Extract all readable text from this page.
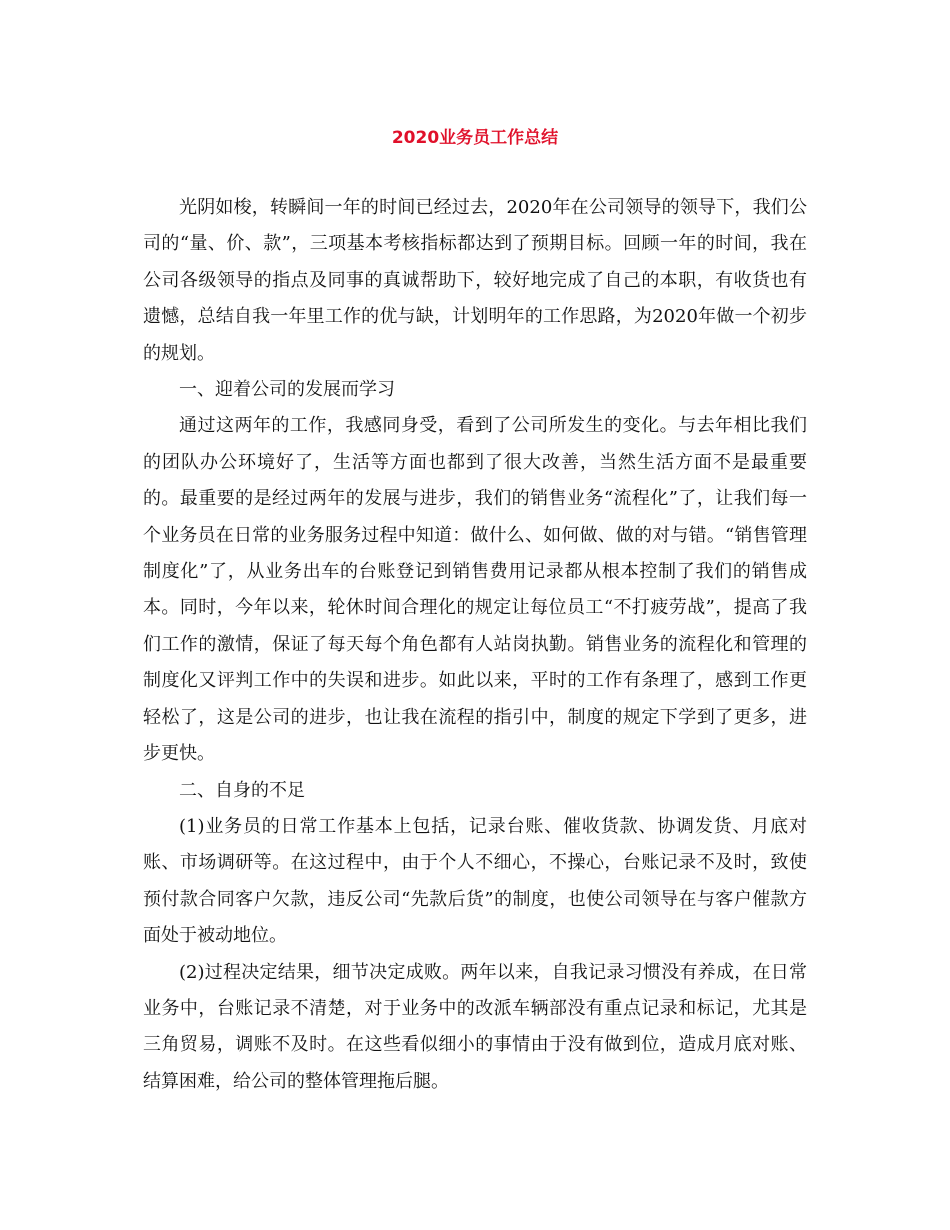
2020业务员工作总结

光阴如梭，转瞬间一年的时间已经过去，2020年在公司领导的领导下，我们公司的“量、价、款”，三项基本考核指标都达到了预期目标。回顾一年的时间，我在公司各级领导的指点及同事的真诚帮助下，较好地完成了自己的本职，有收货也有遗憾，总结自我一年里工作的优与缺，计划明年的工作思路，为2020年做一个初步的规划。

一、迎着公司的发展而学习

通过这两年的工作，我感同身受，看到了公司所发生的变化。与去年相比我们的团队办公环境好了，生活等方面也都到了很大改善，当然生活方面不是最重要的。最重要的是经过两年的发展与进步，我们的销售业务“流程化”了，让我们每一个业务员在日常的业务服务过程中知道：做什么、如何做、做的对与错。“销售管理制度化”了，从业务出车的台账登记到销售费用记录都从根本控制了我们的销售成本。同时，今年以来，轮休时间合理化的规定让每位员工“不打疲劳战”，提高了我们工作的激情，保证了每天每个角色都有人站岗执勤。销售业务的流程化和管理的制度化又评判工作中的失误和进步。如此以来，平时的工作有条理了，感到工作更轻松了，这是公司的进步，也让我在流程的指引中，制度的规定下学到了更多，进步更快。

二、自身的不足

(1)业务员的日常工作基本上包括，记录台账、催收货款、协调发货、月底对账、市场调研等。在这过程中，由于个人不细心，不操心，台账记录不及时，致使预付款合同客户欠款，违反公司“先款后货”的制度，也使公司领导在与客户催款方面处于被动地位。

(2)过程决定结果，细节决定成败。两年以来，自我记录习惯没有养成，在日常业务中，台账记录不清楚，对于业务中的改派车辆部没有重点记录和标记，尤其是三角贸易，调账不及时。在这些看似细小的事情由于没有做到位，造成月底对账、结算困难，给公司的整体管理拖后腿。
